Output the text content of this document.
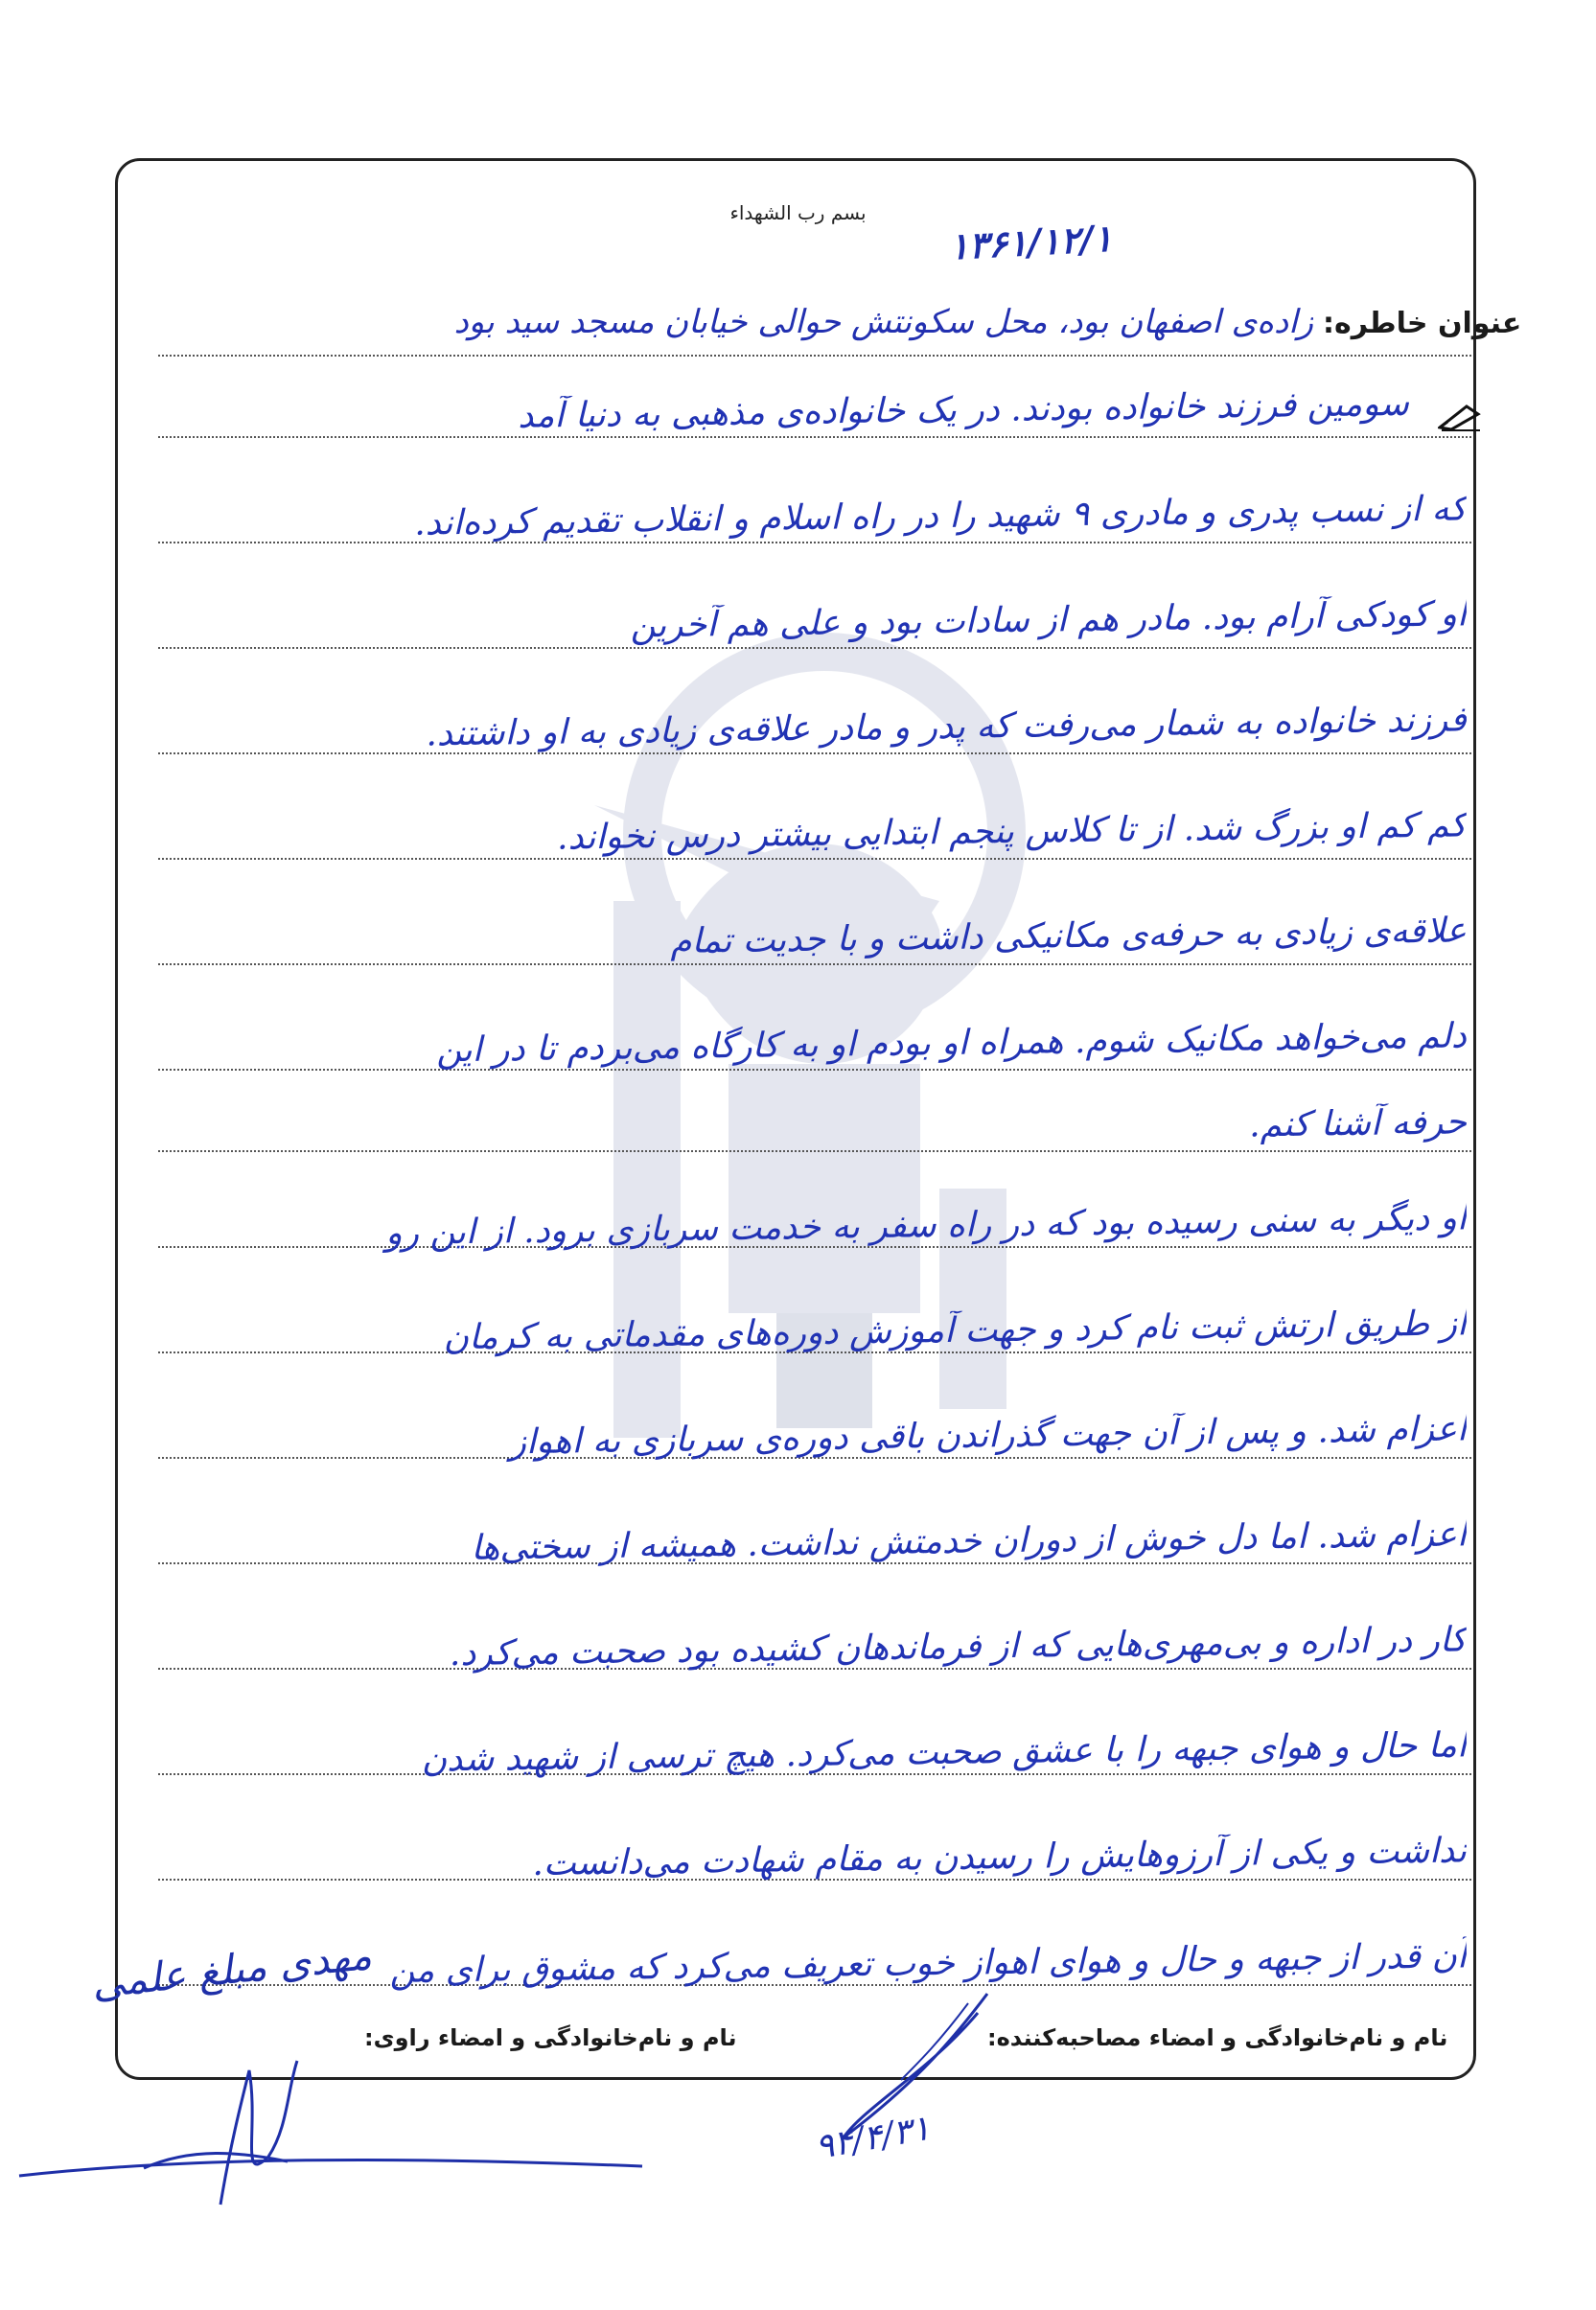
بسم رب الشهداء
۱۳۶۱/۱۲/۱
عنوان خاطره:
زاده‌ی اصفهان بود، محل سکونتش حوالی خیابان مسجد سید بود
سومین فرزند خانواده بودند. در یک خانواده‌ی مذهبی به دنیا آمد
که از نسب پدری و مادری ۹ شهید را در راه اسلام و انقلاب تقدیم کرده‌اند.
او کودکی آرام بود. مادر هم از سادات بود و علی هم آخرین
فرزند خانواده به شمار می‌رفت که پدر و مادر علاقه‌ی زیادی به او داشتند.
کم کم او بزرگ شد. از تا کلاس پنجم ابتدایی بیشتر درس نخواند.
علاقه‌ی زیادی به حرفه‌ی مکانیکی داشت و با جدیت تمام
دلم می‌خواهد مکانیک شوم. همراه او بودم او به کارگاه می‌بردم تا در این
حرفه آشنا کنم.
او دیگر به سنی رسیده بود که در راه سفر به خدمت سربازی برود. از این رو
از طریق ارتش ثبت نام کرد و جهت آموزش دوره‌های مقدماتی به کرمان
اعزام شد. و پس از آن جهت گذراندن باقی دوره‌ی سربازی به اهواز
اعزام شد. اما دل خوش از دوران خدمتش نداشت. همیشه از سختی‌ها
کار در اداره و بی‌مهری‌هایی که از فرماندهان کشیده بود صحبت می‌کرد.
اما حال و هوای جبهه را با عشق صحبت می‌کرد. هیچ ترسی از شهید شدن
نداشت و یکی از آرزوهایش را رسیدن به مقام شهادت می‌دانست.
آن قدر از جبهه و حال و هوای اهواز خوب تعریف می‌کرد که مشوق برای من
نام و نام‌خانوادگی و امضاء مصاحبه‌کننده:
نام و نام‌خانوادگی و امضاء راوی:
مهدی مبلغ علمی
۹۴/۴/۳۱
